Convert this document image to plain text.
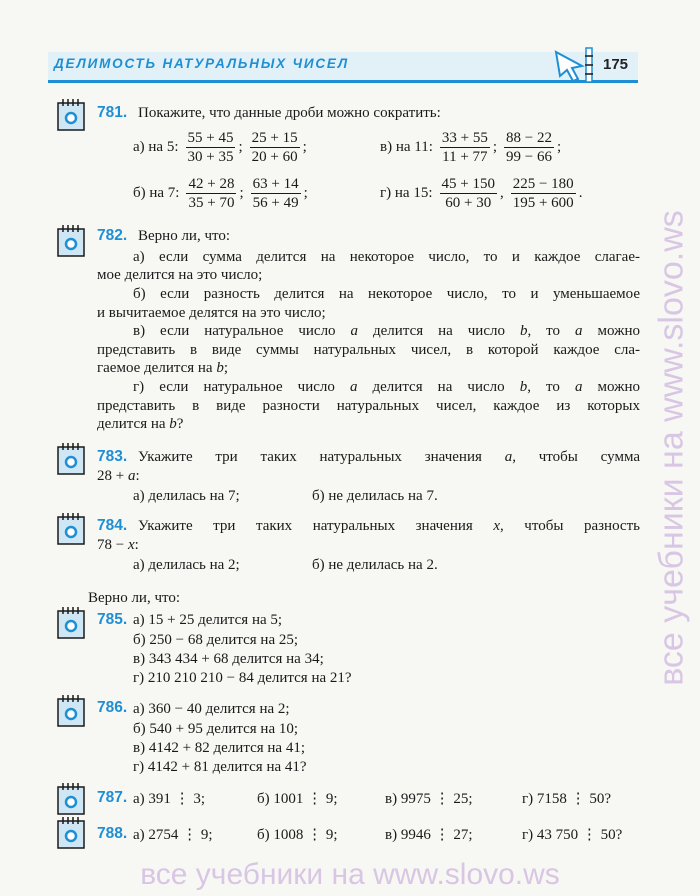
ДЕЛИМОСТЬ НАТУРАЛЬНЫХ ЧИСЕЛ	175
все учебники на www.slovo.ws
все учебники на www.slovo.ws
781. Покажите, что данные дроби можно сократить:
а) на 5: $\frac{55 + 45}{30 + 35}$ ; $\frac{25 + 15}{20 + 60}$ ;	в) на 11: $\frac{33 + 55}{11 + 77}$ ; $\frac{88 - 22}{99 - 66}$ ;
б) на 7: $\frac{42 + 28}{35 + 70}$ ; $\frac{63 + 14}{56 + 49}$ ;	г) на 15: $\frac{45 + 150}{60 + 30}$ , $\frac{225 - 180}{195 + 600}$ .
782. Верно ли, что:
а) если сумма делится на некоторое число, то и каждое слагае-
мое делится на это число;
б) если разность делится на некоторое число, то и уменьшаемое
и вычитаемое делятся на это число;
в) если натуральное число a делится на число b, то a можно
представить в виде суммы натуральных чисел, в которой каждое сла-
гаемое делится на b;
г) если натуральное число a делится на число b, то a можно
представить в виде разности натуральных чисел, каждое из которых
делится на b?
783. Укажите три таких натуральных значения a, чтобы сумма
28 + a:
а) делилась на 7;	б) не делилась на 7.
784. Укажите три таких натуральных значения x, чтобы разность
78 − x:
а) делилась на 2;	б) не делилась на 2.
Верно ли, что:
785. а) 15 + 25 делится на 5;
б) 250 − 68 делится на 25;
в) 343 434 + 68 делится на 34;
г) 210 210 210 − 84 делится на 21?
786. а) 360 − 40 делится на 2;
б) 540 + 95 делится на 10;
в) 4142 + 82 делится на 41;
г) 4142 + 81 делится на 41?
787. а) 391 ⋮ 3;	б) 1001 ⋮ 9;	в) 9975 ⋮ 25;	г) 7158 ⋮ 50?
788. а) 2754 ⋮ 9;	б) 1008 ⋮ 9;	в) 9946 ⋮ 27;	г) 43 750 ⋮ 50?
